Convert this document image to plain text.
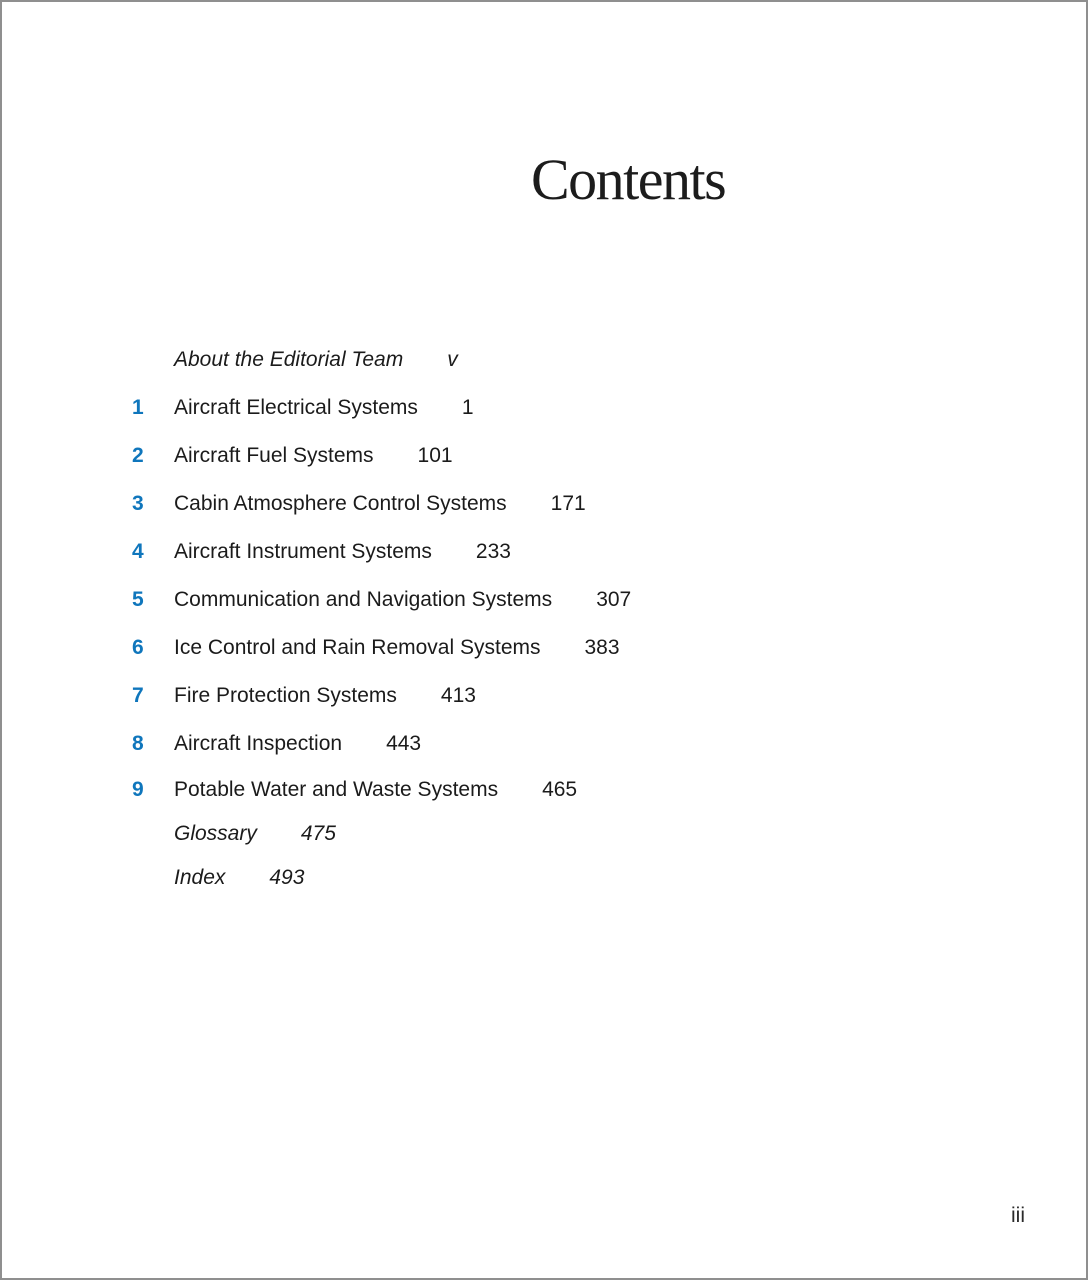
Contents
About the Editorial Team v
1 Aircraft Electrical Systems 1
2 Aircraft Fuel Systems 101
3 Cabin Atmosphere Control Systems 171
4 Aircraft Instrument Systems 233
5 Communication and Navigation Systems 307
6 Ice Control and Rain Removal Systems 383
7 Fire Protection Systems 413
8 Aircraft Inspection 443
9 Potable Water and Waste Systems 465
Glossary 475
Index 493
iii
